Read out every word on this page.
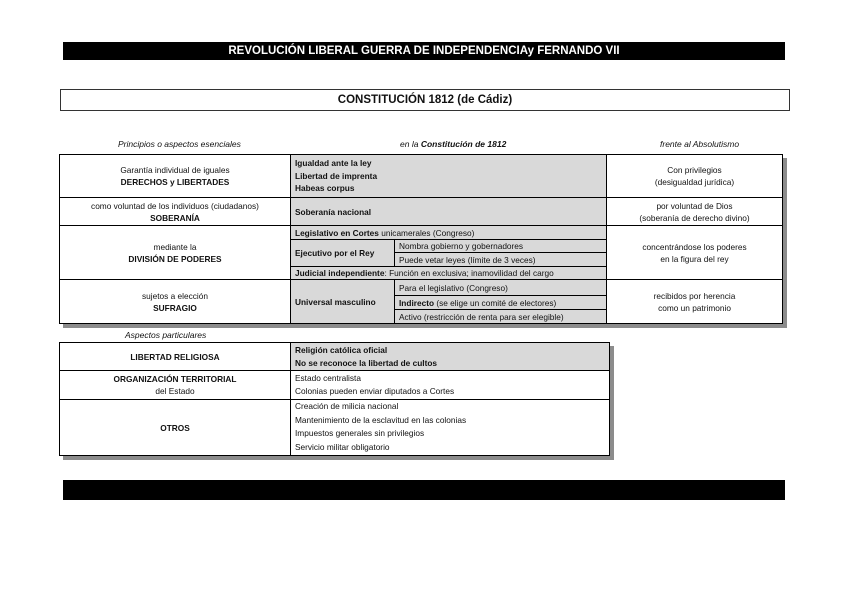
REVOLUCIÓN LIBERAL GUERRA DE INDEPENDENCIAy FERNANDO VII
CONSTITUCIÓN 1812 (de Cádiz)
Principios o aspectos esenciales	en la Constitución de 1812	frente al Absolutismo
Garantía individual de iguales
DERECHOS y LIBERTADES
Igualdad ante la ley
Libertad de imprenta
Habeas corpus
Con privilegios
(desigualdad jurídica)
como voluntad de los individuos (ciudadanos)
SOBERANÍA
Soberanía nacional
por voluntad de Dios
(soberanía de derecho divino)
mediante la
DIVISIÓN DE PODERES
Legislativo en Cortes unicamerales (Congreso)
Ejecutivo por el Rey
Nombra gobierno y gobernadores
Puede vetar leyes (límite de 3 veces)
Judicial independiente: Función en exclusiva; inamovilidad del cargo
concentrándose los poderes
en la figura del rey
sujetos a elección
SUFRAGIO
Universal masculino
Para el legislativo (Congreso)
Indirecto (se elige un comité de electores)
Activo (restricción de renta para ser elegible)
recibidos por herencia
como un patrimonio
Aspectos particulares
LIBERTAD RELIGIOSA
Religión católica oficial
No se reconoce la libertad de cultos
ORGANIZACIÓN TERRITORIAL
del Estado
Estado centralista
Colonias pueden enviar diputados a Cortes
OTROS
Creación de milicia nacional
Mantenimiento de la esclavitud en las colonias
Impuestos generales sin privilegios
Servicio militar obligatorio
